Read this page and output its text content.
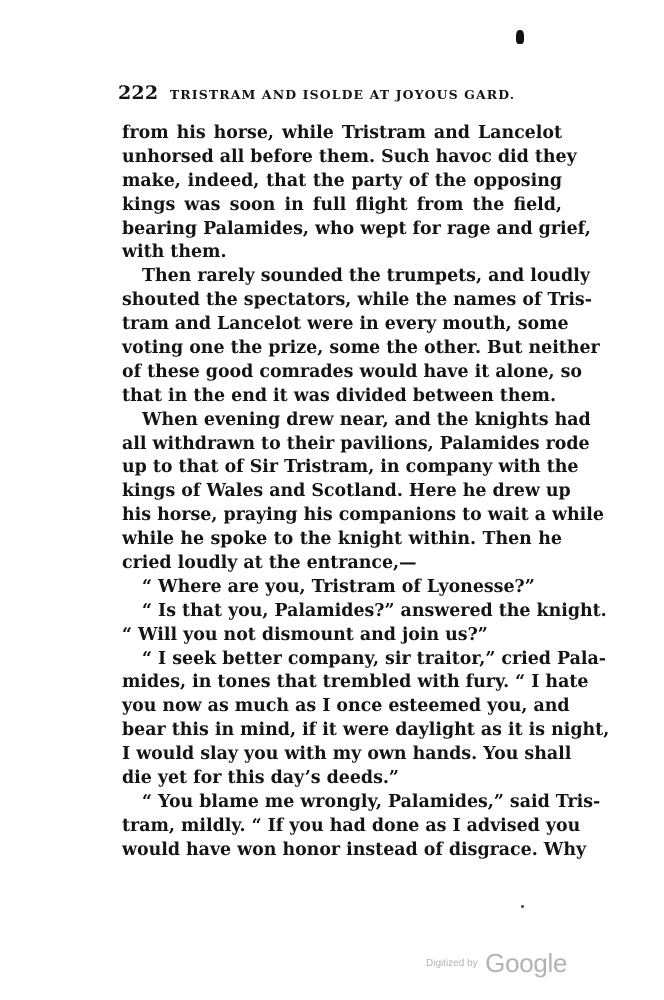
222 TRISTRAM AND ISOLDE AT JOYOUS GARD.
from his horse, while Tristram and Lancelot
unhorsed all before them. Such havoc did they
make, indeed, that the party of the opposing
kings was soon in full flight from the field,
bearing Palamides, who wept for rage and grief,
with them.
Then rarely sounded the trumpets, and loudly
shouted the spectators, while the names of Tris-
tram and Lancelot were in every mouth, some
voting one the prize, some the other. But neither
of these good comrades would have it alone, so
that in the end it was divided between them.
When evening drew near, and the knights had
all withdrawn to their pavilions, Palamides rode
up to that of Sir Tristram, in company with the
kings of Wales and Scotland. Here he drew up
his horse, praying his companions to wait a while
while he spoke to the knight within. Then he
cried loudly at the entrance,—
“ Where are you, Tristram of Lyonesse?”
“ Is that you, Palamides?” answered the knight.
“ Will you not dismount and join us?”
“ I seek better company, sir traitor,” cried Pala-
mides, in tones that trembled with fury. “ I hate
you now as much as I once esteemed you, and
bear this in mind, if it were daylight as it is night,
I would slay you with my own hands. You shall
die yet for this day’s deeds.”
“ You blame me wrongly, Palamides,” said Tris-
tram, mildly. “ If you had done as I advised you
would have won honor instead of disgrace. Why
Digitized by Google
